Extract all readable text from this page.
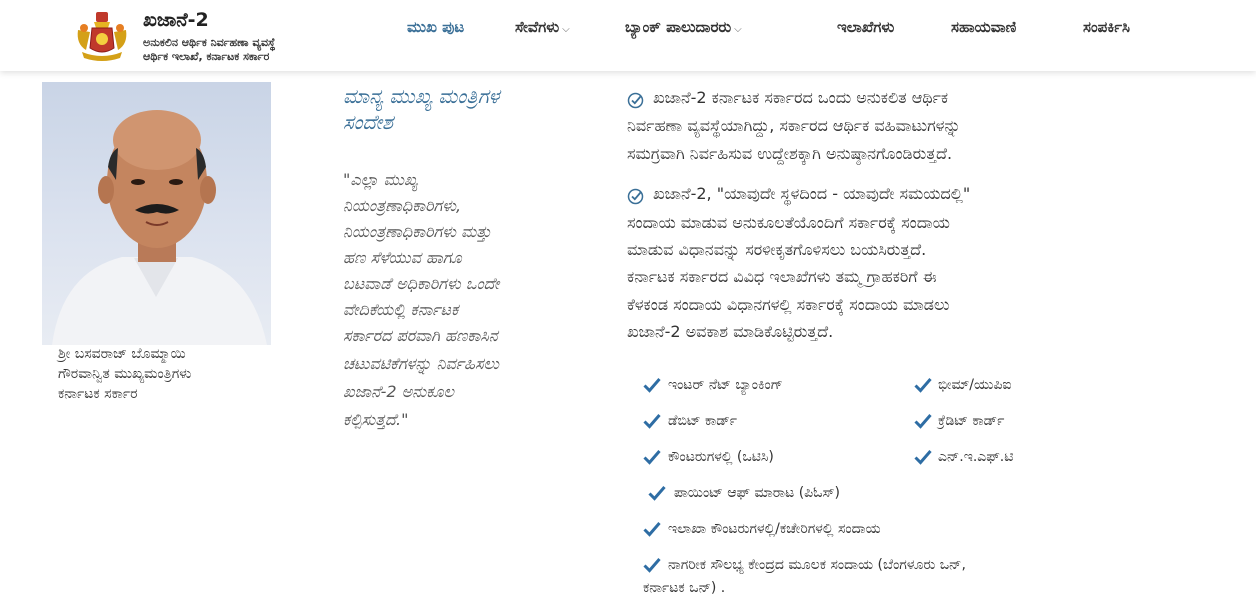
ಖಜಾನೆ-2
ಅನುಕಲಿನ ಆರ್ಥಿಕ ನಿರ್ವಹಣಾ ವ್ಯವಸ್ಥೆ
ಆರ್ಥಿಕ ಇಲಾಖೆ, ಕರ್ನಾಟಕ ಸರ್ಕಾರ
ಮುಖ ಪುಟ	ಸೇವೆಗಳು ⌵	ಬ್ಯಾಂಕ್ ಪಾಲುದಾರರು ⌵	ಇಲಾಖೆಗಳು	ಸಹಾಯವಾಣಿ	ಸಂಪರ್ಕಿಸಿ
ಶ್ರೀ ಬಸವರಾಜ್ ಬೊಮ್ಮಾಯಿ
ಗೌರವಾನ್ವಿತ ಮುಖ್ಯಮಂತ್ರಿಗಳು
ಕರ್ನಾಟಕ ಸರ್ಕಾರ
ಮಾನ್ಯ ಮುಖ್ಯ ಮಂತ್ರಿಗಳ
ಸಂದೇಶ
"ಎಲ್ಲಾ ಮುಖ್ಯ
ನಿಯಂತ್ರಣಾಧಿಕಾರಿಗಳು,
ನಿಯಂತ್ರಣಾಧಿಕಾರಿಗಳು ಮತ್ತು
ಹಣ ಸೆಳೆಯುವ ಹಾಗೂ
ಬಟವಾಡೆ ಅಧಿಕಾರಿಗಳು ಒಂದೇ
ವೇದಿಕೆಯಲ್ಲಿ ಕರ್ನಾಟಕ
ಸರ್ಕಾರದ ಪರವಾಗಿ ಹಣಕಾಸಿನ
ಚಟುವಟಿಕೆಗಳನ್ನು ನಿರ್ವಹಿಸಲು
ಖಜಾನೆ-2 ಅನುಕೂಲ
ಕಲ್ಪಿಸುತ್ತದೆ."
ಖಜಾನೆ-2 ಕರ್ನಾಟಕ ಸರ್ಕಾರದ ಒಂದು ಅನುಕಲಿತ ಆರ್ಥಿಕ
ನಿರ್ವಹಣಾ ವ್ಯವಸ್ಥೆಯಾಗಿದ್ದು, ಸರ್ಕಾರದ ಆರ್ಥಿಕ ವಹಿವಾಟುಗಳನ್ನು
ಸಮಗ್ರವಾಗಿ ನಿರ್ವಹಿಸುವ ಉದ್ದೇಶಕ್ಕಾಗಿ ಅನುಷ್ಠಾನಗೊಂಡಿರುತ್ತದೆ.
ಖಜಾನೆ-2, "ಯಾವುದೇ ಸ್ಥಳದಿಂದ - ಯಾವುದೇ ಸಮಯದಲ್ಲಿ"
ಸಂದಾಯ ಮಾಡುವ ಅನುಕೂಲತೆಯೊಂದಿಗೆ ಸರ್ಕಾರಕ್ಕೆ ಸಂದಾಯ
ಮಾಡುವ ವಿಧಾನವನ್ನು ಸರಳೀಕೃತಗೊಳಿಸಲು ಬಯಸಿರುತ್ತದೆ.
ಕರ್ನಾಟಕ ಸರ್ಕಾರದ ವಿವಿಧ ಇಲಾಖೆಗಳು ತಮ್ಮ ಗ್ರಾಹಕರಿಗೆ ಈ
ಕೆಳಕಂಡ ಸಂದಾಯ ವಿಧಾನಗಳಲ್ಲಿ ಸರ್ಕಾರಕ್ಕೆ ಸಂದಾಯ ಮಾಡಲು
ಖಜಾನೆ-2 ಅವಕಾಶ ಮಾಡಿಕೊಟ್ಟಿರುತ್ತದೆ.
ಇಂಟರ್ ನೆಟ್ ಬ್ಯಾಂಕಿಂಗ್	ಭೀಮ್/ಯುಪಿಐ
ಡೆಬಿಟ್ ಕಾರ್ಡ್	ಕ್ರೆಡಿಟ್ ಕಾರ್ಡ್
ಕೌಂಟರುಗಳಲ್ಲಿ (ಒಟಿಸಿ)	ಎನ್.ಇ.ಎಫ್.ಟಿ
ಪಾಯಿಂಟ್ ಆಫ್ ಮಾರಾಟ (ಪಿಓಸ್)
ಇಲಾಖಾ ಕೌಂಟರುಗಳಲ್ಲಿ/ಕಚೇರಿಗಳಲ್ಲಿ ಸಂದಾಯ
ನಾಗರೀಕ ಸೌಲಭ್ಯ ಕೇಂದ್ರದ ಮೂಲಕ ಸಂದಾಯ (ಬೆಂಗಳೂರು ಒನ್,
ಕರ್ನಾಟಕ ಒನ್) .
